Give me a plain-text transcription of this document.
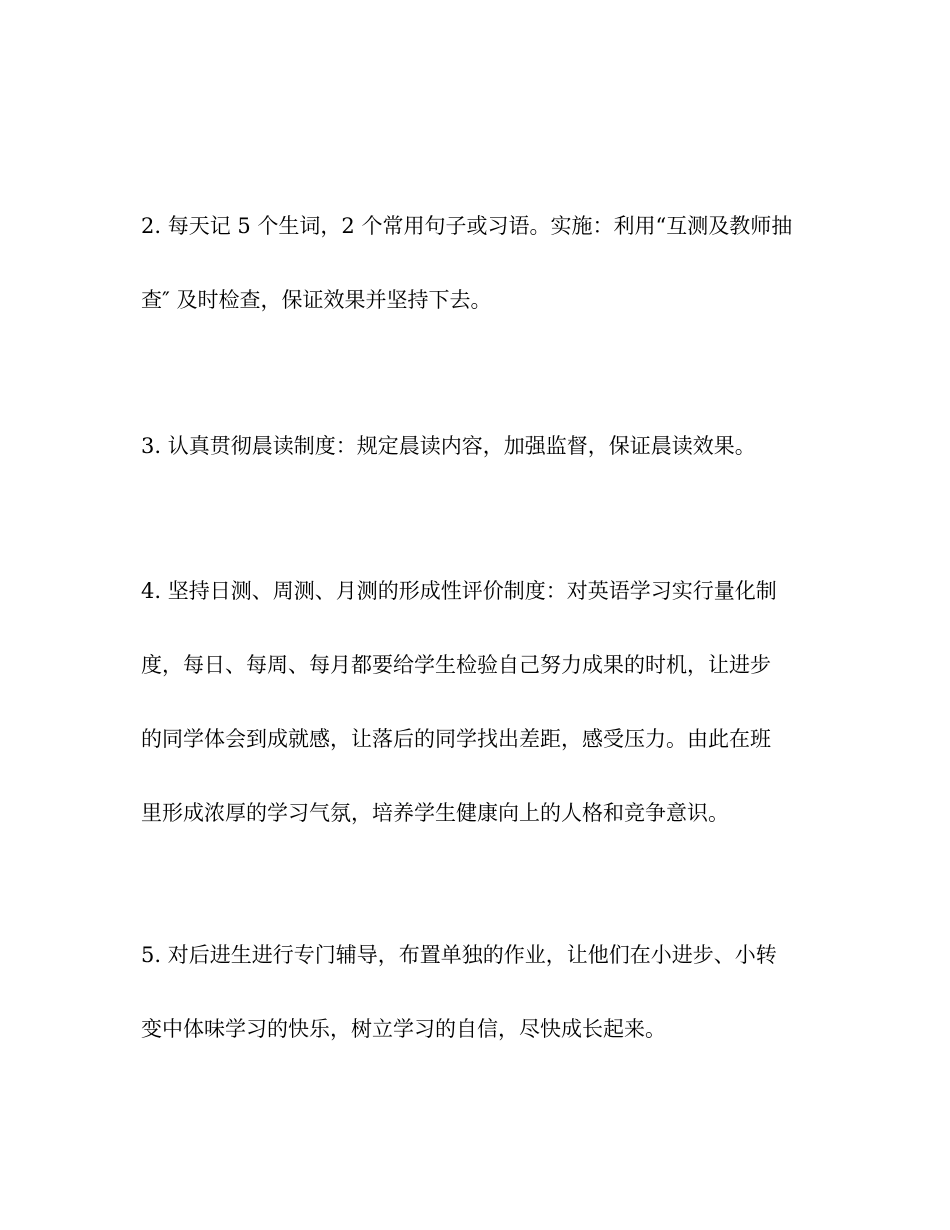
2. 每天记 5 个生词，2 个常用句子或习语。实施：利用“互测及教师抽
查″ 及时检查，保证效果并坚持下去。

3. 认真贯彻晨读制度：规定晨读内容，加强监督，保证晨读效果。

4. 坚持日测、周测、月测的形成性评价制度：对英语学习实行量化制
度，每日、每周、每月都要给学生检验自己努力成果的时机，让进步
的同学体会到成就感，让落后的同学找出差距，感受压力。由此在班
里形成浓厚的学习气氛，培养学生健康向上的人格和竞争意识。

5. 对后进生进行专门辅导，布置单独的作业，让他们在小进步、小转
变中体味学习的快乐，树立学习的自信，尽快成长起来。
